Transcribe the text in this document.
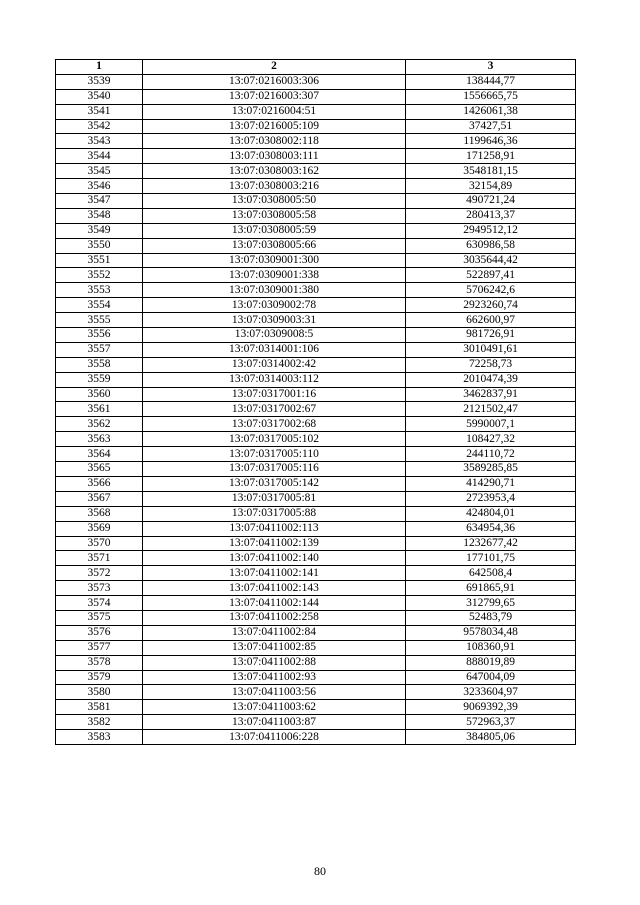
1	2	3
3539	13:07:0216003:306	138444,77
3540	13:07:0216003:307	1556665,75
3541	13:07:0216004:51	1426061,38
3542	13:07:0216005:109	37427,51
3543	13:07:0308002:118	1199646,36
3544	13:07:0308003:111	171258,91
3545	13:07:0308003:162	3548181,15
3546	13:07:0308003:216	32154,89
3547	13:07:0308005:50	490721,24
3548	13:07:0308005:58	280413,37
3549	13:07:0308005:59	2949512,12
3550	13:07:0308005:66	630986,58
3551	13:07:0309001:300	3035644,42
3552	13:07:0309001:338	522897,41
3553	13:07:0309001:380	5706242,6
3554	13:07:0309002:78	2923260,74
3555	13:07:0309003:31	662600,97
3556	13:07:0309008:5	981726,91
3557	13:07:0314001:106	3010491,61
3558	13:07:0314002:42	72258,73
3559	13:07:0314003:112	2010474,39
3560	13:07:0317001:16	3462837,91
3561	13:07:0317002:67	2121502,47
3562	13:07:0317002:68	5990007,1
3563	13:07:0317005:102	108427,32
3564	13:07:0317005:110	244110,72
3565	13:07:0317005:116	3589285,85
3566	13:07:0317005:142	414290,71
3567	13:07:0317005:81	2723953,4
3568	13:07:0317005:88	424804,01
3569	13:07:0411002:113	634954,36
3570	13:07:0411002:139	1232677,42
3571	13:07:0411002:140	177101,75
3572	13:07:0411002:141	642508,4
3573	13:07:0411002:143	691865,91
3574	13:07:0411002:144	312799,65
3575	13:07:0411002:258	52483,79
3576	13:07:0411002:84	9578034,48
3577	13:07:0411002:85	108360,91
3578	13:07:0411002:88	888019,89
3579	13:07:0411002:93	647004,09
3580	13:07:0411003:56	3233604,97
3581	13:07:0411003:62	9069392,39
3582	13:07:0411003:87	572963,37
3583	13:07:0411006:228	384805,06
80
